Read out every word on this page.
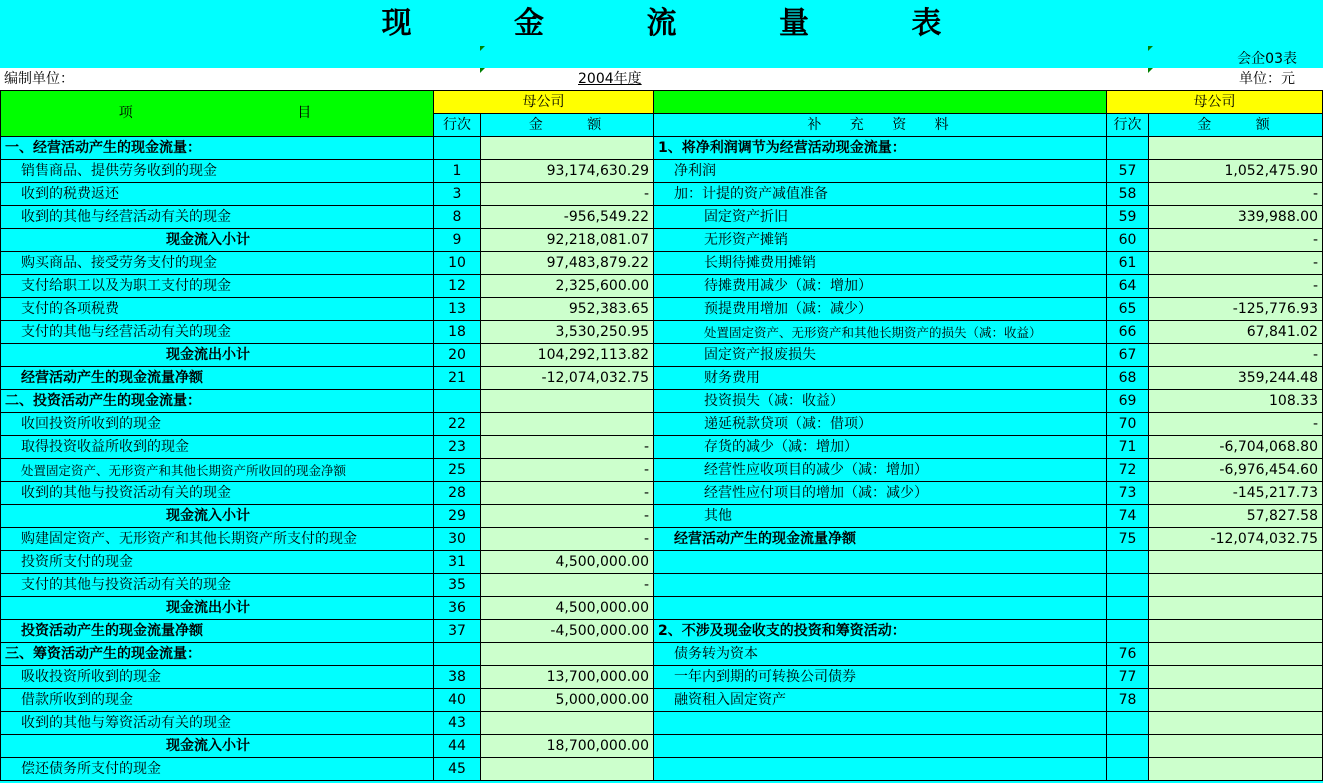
现 金 流 量 表
会企03表
编制单位：	2004年度	单位：元
项 目	母公司			母公司	
	行次	金 额	补 充 资 料	行次	金 额
一、经营活动产生的现金流量：			1、将净利润调节为经营活动现金流量：		
销售商品、提供劳务收到的现金	1	93,174,630.29	净利润	57	1,052,475.90
收到的税费返还	3	-	加：计提的资产减值准备	58	-
收到的其他与经营活动有关的现金	8	-956,549.22	固定资产折旧	59	339,988.00
现金流入小计	9	92,218,081.07	无形资产摊销	60	-
购买商品、接受劳务支付的现金	10	97,483,879.22	长期待摊费用摊销	61	-
支付给职工以及为职工支付的现金	12	2,325,600.00	待摊费用减少（减：增加）	64	-
支付的各项税费	13	952,383.65	预提费用增加（减：减少）	65	-125,776.93
支付的其他与经营活动有关的现金	18	3,530,250.95	处置固定资产、无形资产和其他长期资产的损失（减：收益）	66	67,841.02
现金流出小计	20	104,292,113.82	固定资产报废损失	67	-
经营活动产生的现金流量净额	21	-12,074,032.75	财务费用	68	359,244.48
二、投资活动产生的现金流量：			投资损失（减：收益）	69	108.33
收回投资所收到的现金	22		递延税款贷项（减：借项）	70	-
取得投资收益所收到的现金	23	-	存货的减少（减：增加）	71	-6,704,068.80
处置固定资产、无形资产和其他长期资产所收回的现金净额	25	-	经营性应收项目的减少（减：增加）	72	-6,976,454.60
收到的其他与投资活动有关的现金	28	-	经营性应付项目的增加（减：减少）	73	-145,217.73
现金流入小计	29	-	其他	74	57,827.58
购建固定资产、无形资产和其他长期资产所支付的现金	30	-	经营活动产生的现金流量净额	75	-12,074,032.75
投资所支付的现金	31	4,500,000.00			
支付的其他与投资活动有关的现金	35	-			
现金流出小计	36	4,500,000.00			
投资活动产生的现金流量净额	37	-4,500,000.00	2、不涉及现金收支的投资和筹资活动：		
三、筹资活动产生的现金流量：			债务转为资本	76	
吸收投资所收到的现金	38	13,700,000.00	一年内到期的可转换公司债券	77	
借款所收到的现金	40	5,000,000.00	融资租入固定资产	78	
收到的其他与筹资活动有关的现金	43				
现金流入小计	44	18,700,000.00			
偿还债务所支付的现金	45				
